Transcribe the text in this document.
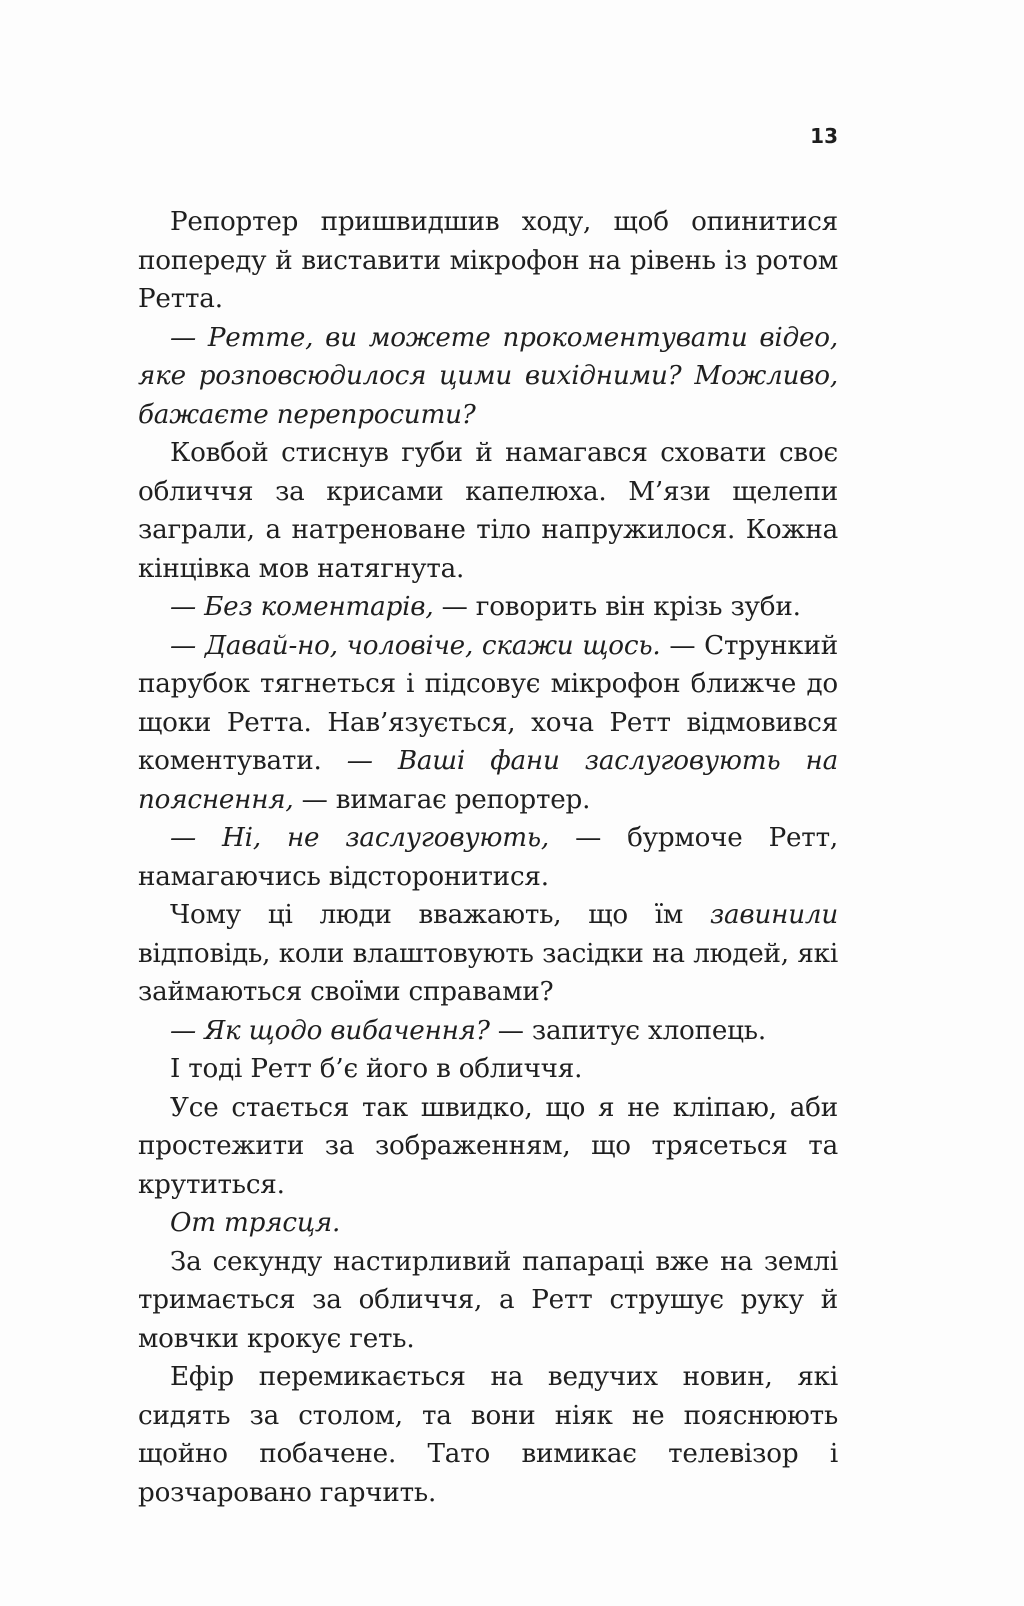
13

Репортер пришвидшив ходу, щоб опинитися попереду й виставити мікрофон на рівень із ротом Ретта.

— Ретте, ви можете прокоментувати відео, яке розповсюдилося цими вихідними? Можливо, бажаєте перепросити?

Ковбой стиснув губи й намагався сховати своє обличчя за крисами капелюха. М’язи щелепи заграли, а натреноване тіло напружилося. Кожна кінцівка мов натягнута.

— Без коментарів, — говорить він крізь зуби.

— Давай-но, чоловіче, скажи щось. — Стрункий парубок тягнеться і підсовує мікрофон ближче до щоки Ретта. Нав’язується, хоча Ретт відмовився коментувати. — Ваші фани заслуговують на пояснення, — вимагає репортер.

— Ні, не заслуговують, — бурмоче Ретт, намагаючись відсторонитися.

Чому ці люди вважають, що їм завинили відповідь, коли влаштовують засідки на людей, які займаються своїми справами?

— Як щодо вибачення? — запитує хлопець.

І тоді Ретт б’є його в обличчя.

Усе стається так швидко, що я не кліпаю, аби простежити за зображенням, що трясеться та крутиться.

От трясця.

За секунду настирливий папараці вже на землі тримається за обличчя, а Ретт струшує руку й мовчки крокує геть.

Ефір перемикається на ведучих новин, які сидять за столом, та вони ніяк не пояснюють щойно побачене. Тато вимикає телевізор і розчаровано гарчить.
